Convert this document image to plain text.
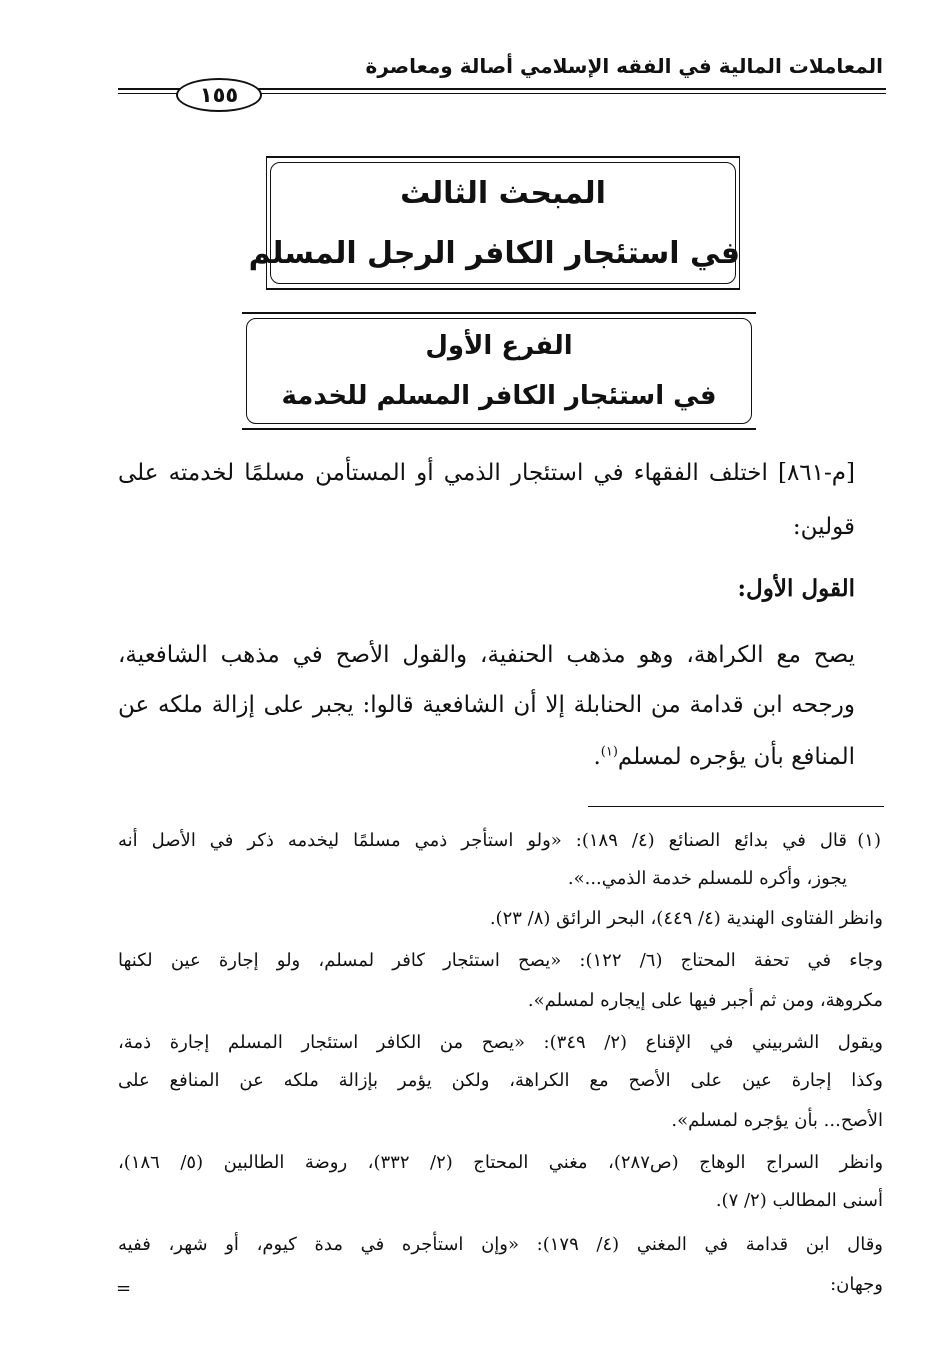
المعاملات المالية في الفقه الإسلامي أصالة ومعاصرة
١٥٥
المبحث الثالث
في استئجار الكافر الرجل المسلم
الفرع الأول
في استئجار الكافر المسلم للخدمة
[م-٨٦١] اختلف الفقهاء في استئجار الذمي أو المستأمن مسلمًا لخدمته على
قولين:
القول الأول:
يصح مع الكراهة، وهو مذهب الحنفية، والقول الأصح في مذهب الشافعية،
ورجحه ابن قدامة من الحنابلة إلا أن الشافعية قالوا: يجبر على إزالة ملكه عن
المنافع بأن يؤجره لمسلم$^{(١)}$.
(١)
قال في بدائع الصنائع (٤/ ١٨٩): «ولو استأجر ذمي مسلمًا ليخدمه ذكر في الأصل أنه
يجوز، وأكره للمسلم خدمة الذمي...».
وانظر الفتاوى الهندية (٤/ ٤٤٩)، البحر الرائق (٨/ ٢٣).
وجاء في تحفة المحتاج (٦/ ١٢٢): «يصح استئجار كافر لمسلم، ولو إجارة عين لكنها
مكروهة، ومن ثم أجبر فيها على إيجاره لمسلم».
ويقول الشربيني في الإقناع (٢/ ٣٤٩): «يصح من الكافر استئجار المسلم إجارة ذمة،
وكذا إجارة عين على الأصح مع الكراهة، ولكن يؤمر بإزالة ملكه عن المنافع على
الأصح... بأن يؤجره لمسلم».
وانظر السراج الوهاج (ص٢٨٧)، مغني المحتاج (٢/ ٣٣٢)، روضة الطالبين (٥/ ١٨٦)،
أسنى المطالب (٢/ ٧).
وقال ابن قدامة في المغني (٤/ ١٧٩): «وإن استأجره في مدة كيوم، أو شهر، ففيه
وجهان:
=
